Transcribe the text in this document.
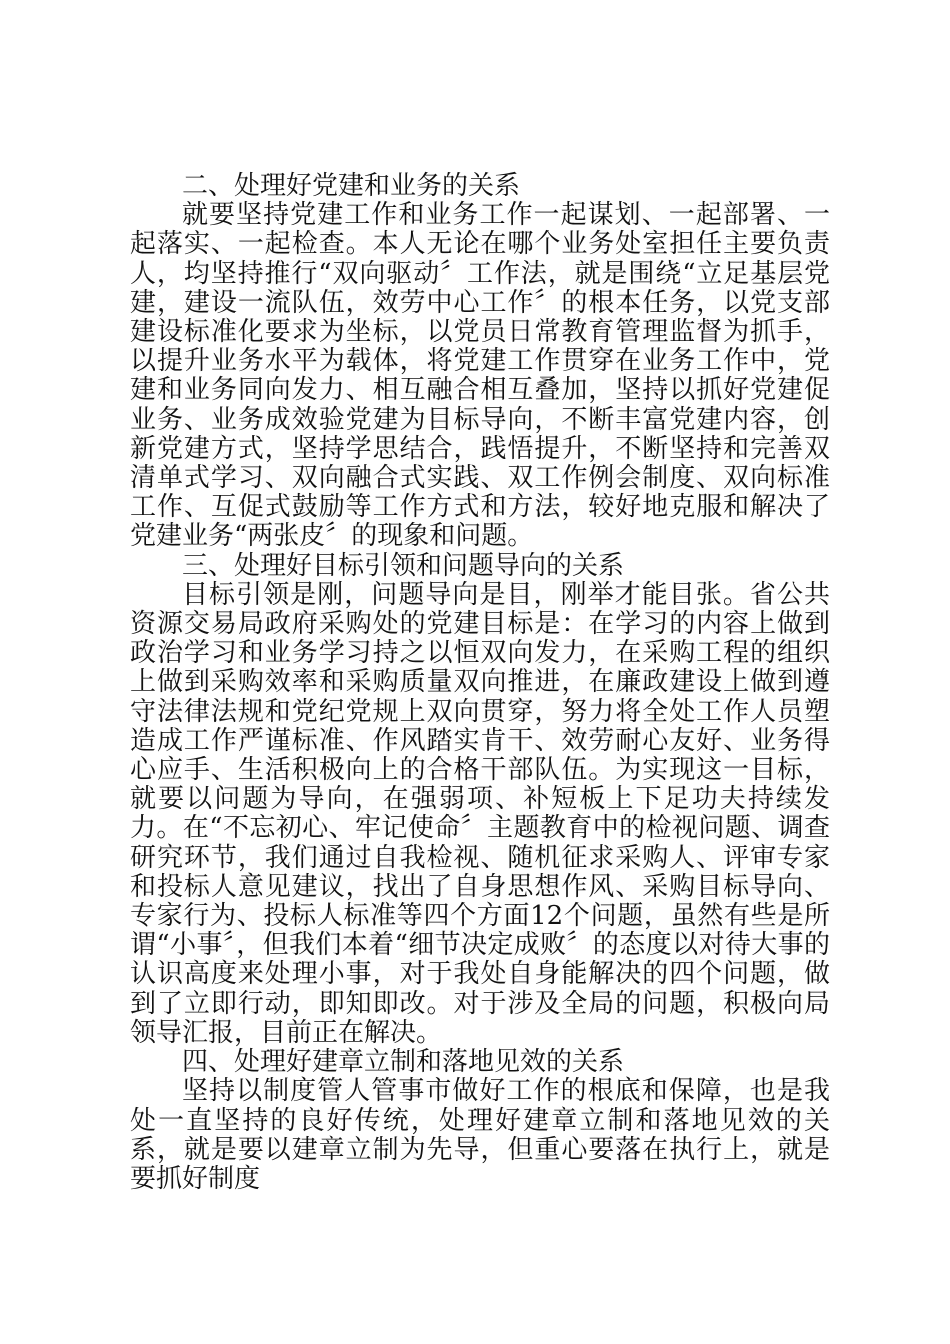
二、处理好党建和业务的关系

就要坚持党建工作和业务工作一起谋划、一起部署、一起落实、一起检查。本人无论在哪个业务处室担任主要负责人，均坚持推行“双向驱动〞工作法，就是围绕“立足基层党建，建设一流队伍，效劳中心工作〞的根本任务，以党支部建设标准化要求为坐标，以党员日常教育管理监督为抓手，以提升业务水平为载体，将党建工作贯穿在业务工作中，党建和业务同向发力、相互融合相互叠加，坚持以抓好党建促业务、业务成效验党建为目标导向，不断丰富党建内容，创新党建方式，坚持学思结合，践悟提升，不断坚持和完善双清单式学习、双向融合式实践、双工作例会制度、双向标准工作、互促式鼓励等工作方式和方法，较好地克服和解决了党建业务“两张皮〞的现象和问题。

三、处理好目标引领和问题导向的关系

目标引领是刚，问题导向是目，刚举才能目张。省公共资源交易局政府采购处的党建目标是：在学习的内容上做到政治学习和业务学习持之以恒双向发力，在采购工程的组织上做到采购效率和采购质量双向推进，在廉政建设上做到遵守法律法规和党纪党规上双向贯穿，努力将全处工作人员塑造成工作严谨标准、作风踏实肯干、效劳耐心友好、业务得心应手、生活积极向上的合格干部队伍。为实现这一目标，就要以问题为导向，在强弱项、补短板上下足功夫持续发力。在“不忘初心、牢记使命〞主题教育中的检视问题、调查研究环节，我们通过自我检视、随机征求采购人、评审专家和投标人意见建议，找出了自身思想作风、采购目标导向、专家行为、投标人标准等四个方面12个问题，虽然有些是所谓“小事〞，但我们本着“细节决定成败〞的态度以对待大事的认识高度来处理小事，对于我处自身能解决的四个问题，做到了立即行动，即知即改。对于涉及全局的问题，积极向局领导汇报，目前正在解决。

四、处理好建章立制和落地见效的关系

坚持以制度管人管事市做好工作的根底和保障，也是我处一直坚持的良好传统，处理好建章立制和落地见效的关系，就是要以建章立制为先导，但重心要落在执行上，就是要抓好制度
